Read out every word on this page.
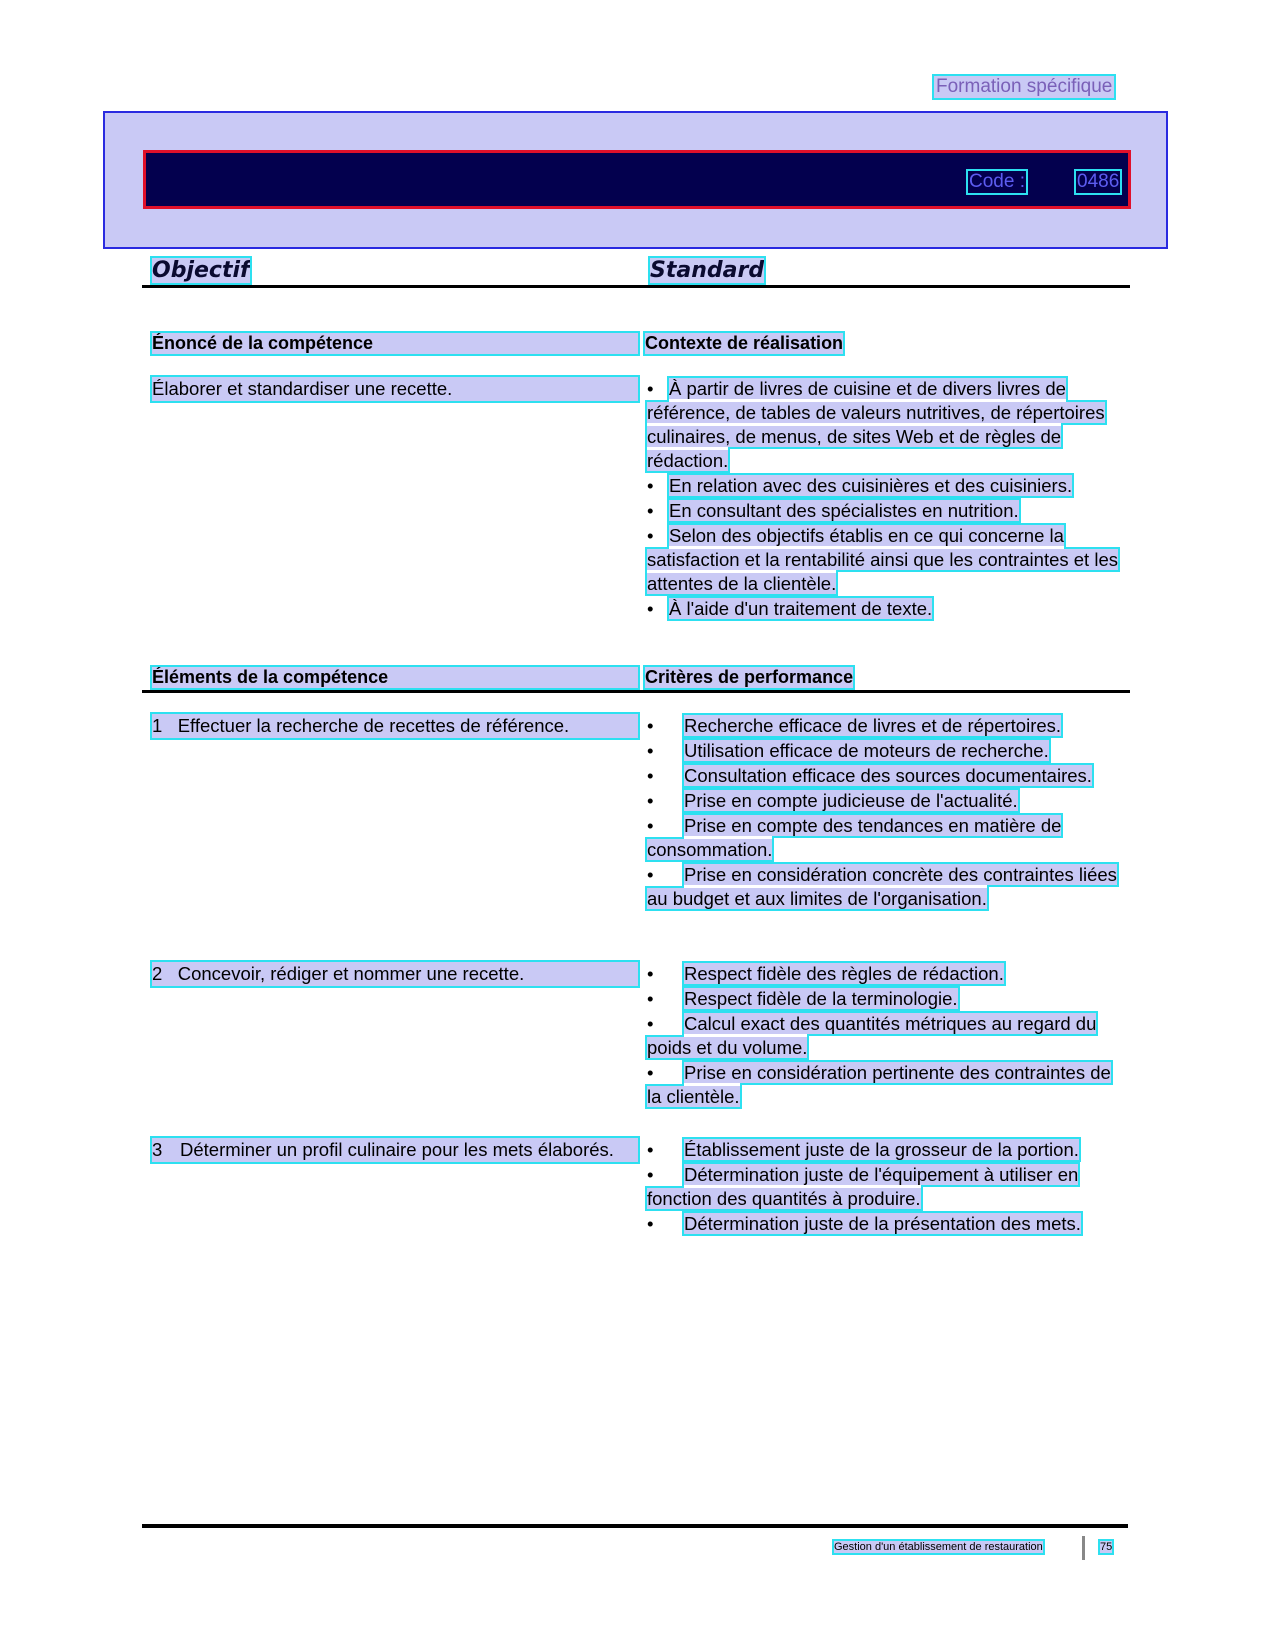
Formation spécifique
Code :	0486
Objectif	Standard
Énoncé de la compétence	Contexte de réalisation
Élaborer et standardiser une recette.	• À partir de livres de cuisine et de divers livres de référence, de tables de valeurs nutritives, de répertoires culinaires, de menus, de sites Web et de règles de rédaction.
• En relation avec des cuisinières et des cuisiniers.
• En consultant des spécialistes en nutrition.
• Selon des objectifs établis en ce qui concerne la satisfaction et la rentabilité ainsi que les contraintes et les attentes de la clientèle.
• À l'aide d'un traitement de texte.
Éléments de la compétence	Critères de performance
1 Effectuer la recherche de recettes de référence.	• Recherche efficace de livres et de répertoires.
• Utilisation efficace de moteurs de recherche.
• Consultation efficace des sources documentaires.
• Prise en compte judicieuse de l'actualité.
• Prise en compte des tendances en matière de consommation.
• Prise en considération concrète des contraintes liées au budget et aux limites de l'organisation.
2 Concevoir, rédiger et nommer une recette.	• Respect fidèle des règles de rédaction.
• Respect fidèle de la terminologie.
• Calcul exact des quantités métriques au regard du poids et du volume.
• Prise en considération pertinente des contraintes de la clientèle.
3 Déterminer un profil culinaire pour les mets élaborés.	• Établissement juste de la grosseur de la portion.
• Détermination juste de l'équipement à utiliser en fonction des quantités à produire.
• Détermination juste de la présentation des mets.
Gestion d'un établissement de restauration	75
